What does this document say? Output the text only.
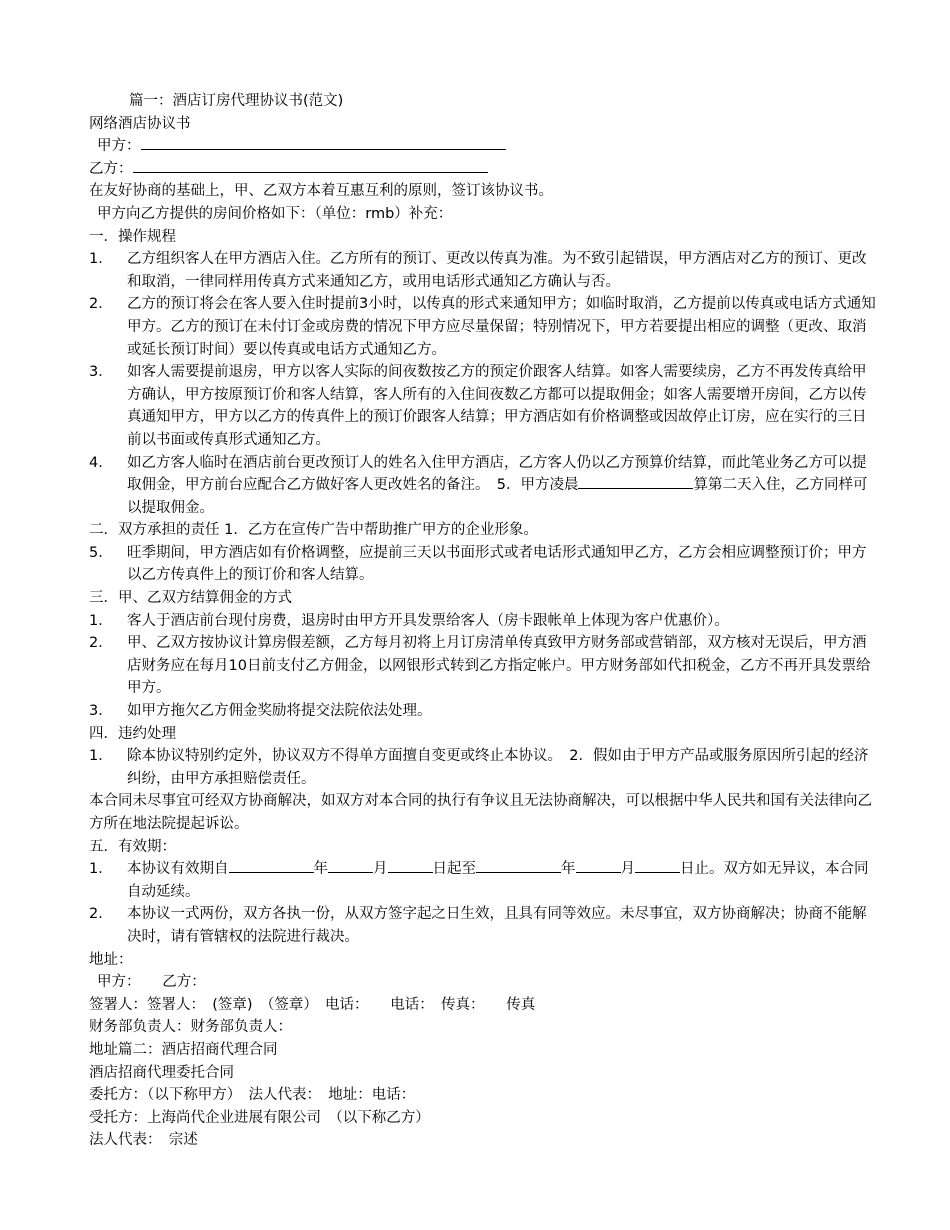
篇一：酒店订房代理协议书(范文)
网络酒店协议书
甲方：
乙方：
在友好协商的基础上，甲、乙双方本着互惠互利的原则，签订该协议书。
甲方向乙方提供的房间价格如下：（单位：rmb）补充：
一．操作规程
1． 乙方组织客人在甲方酒店入住。乙方所有的预订、更改以传真为准。为不致引起错误，甲方酒店对乙方的预订、更改和取消，一律同样用传真方式来通知乙方，或用电话形式通知乙方确认与否。
2． 乙方的预订将会在客人要入住时提前3小时，以传真的形式来通知甲方；如临时取消，乙方提前以传真或电话方式通知甲方。乙方的预订在未付订金或房费的情况下甲方应尽量保留；特别情况下，甲方若要提出相应的调整（更改、取消或延长预订时间）要以传真或电话方式通知乙方。
3． 如客人需要提前退房，甲方以客人实际的间夜数按乙方的预定价跟客人结算。如客人需要续房，乙方不再发传真给甲方确认，甲方按原预订价和客人结算，客人所有的入住间夜数乙方都可以提取佣金；如客人需要增开房间，乙方以传真通知甲方，甲方以乙方的传真件上的预订价跟客人结算；甲方酒店如有价格调整或因故停止订房，应在实行的三日前以书面或传真形式通知乙方。
4． 如乙方客人临时在酒店前台更改预订人的姓名入住甲方酒店，乙方客人仍以乙方预算价结算，而此笔业务乙方可以提取佣金，甲方前台应配合乙方做好客人更改姓名的备注。　5．甲方凌晨	算第二天入住，乙方同样可以提取佣金。
二．双方承担的责任 1．乙方在宣传广告中帮助推广甲方的企业形象。
5． 旺季期间，甲方酒店如有价格调整，应提前三天以书面形式或者电话形式通知甲乙方，乙方会相应调整预订价；甲方以乙方传真件上的预订价和客人结算。
三．甲、乙双方结算佣金的方式
1． 客人于酒店前台现付房费，退房时由甲方开具发票给客人（房卡跟帐单上体现为客户优惠价）。
2． 甲、乙双方按协议计算房假差额，乙方每月初将上月订房清单传真致甲方财务部或营销部，双方核对无误后，甲方酒店财务应在每月10日前支付乙方佣金，以网银形式转到乙方指定帐户。甲方财务部如代扣税金，乙方不再开具发票给甲方。
3． 如甲方拖欠乙方佣金奖励将提交法院依法处理。
四．违约处理
1． 除本协议特别约定外，协议双方不得单方面擅自变更或终止本协议。　2．假如由于甲方产品或服务原因所引起的经济纠纷，由甲方承担赔偿责任。
本合同未尽事宜可经双方协商解决，如双方对本合同的执行有争议且无法协商解决，可以根据中华人民共和国有关法律向乙方所在地法院提起诉讼。
五．有效期：
1． 本协议有效期自	年	月	日起至	年	月	日止。双方如无异议，本合同自动延续。
2． 本协议一式两份，双方各执一份，从双方签字起之日生效，且具有同等效应。未尽事宜，双方协商解决；协商不能解决时，请有管辖权的法院进行裁决。
地址：
甲方：　　乙方：
签署人：签署人：　(签章)　（签章）　电话：　　电话：　传真：　　传真
财务部负责人：财务部负责人：
地址篇二：酒店招商代理合同
酒店招商代理委托合同
委托方：（以下称甲方）　法人代表：　地址：电话：
受托方：上海尚代企业进展有限公司　（以下称乙方）
法人代表：　宗述
